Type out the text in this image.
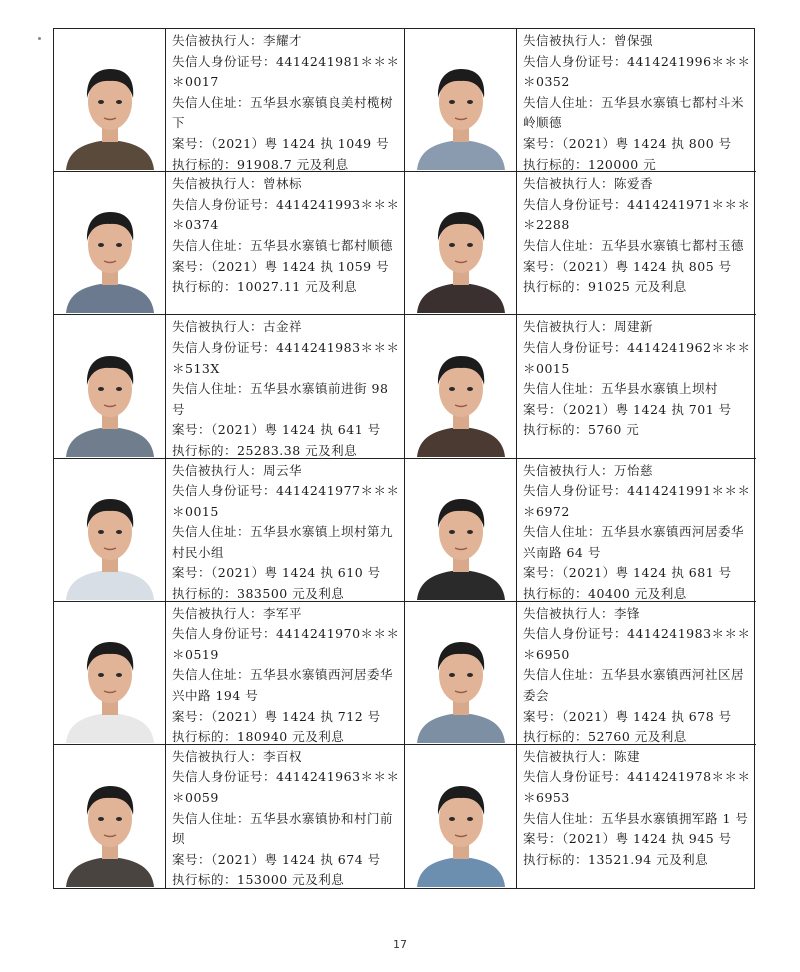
失信被执行人：李耀才
失信人身份证号：4414241981＊＊＊＊0017
失信人住址：五华县水寨镇良美村榄树下
案号：（2021）粤 1424 执 1049 号
执行标的：91908.7 元及利息
失信被执行人：曾保强
失信人身份证号：4414241996＊＊＊＊0352
失信人住址：五华县水寨镇七都村斗米岭顺德
案号：（2021）粤 1424 执 800 号
执行标的：120000 元
失信被执行人：曾林标
失信人身份证号：4414241993＊＊＊＊0374
失信人住址：五华县水寨镇七都村顺德
案号：（2021）粤 1424 执 1059 号
执行标的：10027.11 元及利息
失信被执行人：陈爱香
失信人身份证号：4414241971＊＊＊＊2288
失信人住址：五华县水寨镇七都村玉德
案号：（2021）粤 1424 执 805 号
执行标的：91025 元及利息
失信被执行人：古金祥
失信人身份证号：4414241983＊＊＊＊513X
失信人住址：五华县水寨镇前进街 98 号
案号：（2021）粤 1424 执 641 号
执行标的：25283.38 元及利息
失信被执行人：周建新
失信人身份证号：4414241962＊＊＊＊0015
失信人住址：五华县水寨镇上坝村
案号：（2021）粤 1424 执 701 号
执行标的：5760 元
失信被执行人：周云华
失信人身份证号：4414241977＊＊＊＊0015
失信人住址：五华县水寨镇上坝村第九村民小组
案号：（2021）粤 1424 执 610 号
执行标的：383500 元及利息
失信被执行人：万怡慈
失信人身份证号：4414241991＊＊＊＊6972
失信人住址：五华县水寨镇西河居委华兴南路 64 号
案号：（2021）粤 1424 执 681 号
执行标的：40400 元及利息
失信被执行人：李军平
失信人身份证号：4414241970＊＊＊＊0519
失信人住址：五华县水寨镇西河居委华兴中路 194 号
案号：（2021）粤 1424 执 712 号
执行标的：180940 元及利息
失信被执行人：李锋
失信人身份证号：4414241983＊＊＊＊6950
失信人住址：五华县水寨镇西河社区居委会
案号：（2021）粤 1424 执 678 号
执行标的：52760 元及利息
失信被执行人：李百权
失信人身份证号：4414241963＊＊＊＊0059
失信人住址：五华县水寨镇协和村门前坝
案号：（2021）粤 1424 执 674 号
执行标的：153000 元及利息
失信被执行人：陈建
失信人身份证号：4414241978＊＊＊＊6953
失信人住址：五华县水寨镇拥军路 1 号
案号：（2021）粤 1424 执 945 号
执行标的：13521.94 元及利息
17
